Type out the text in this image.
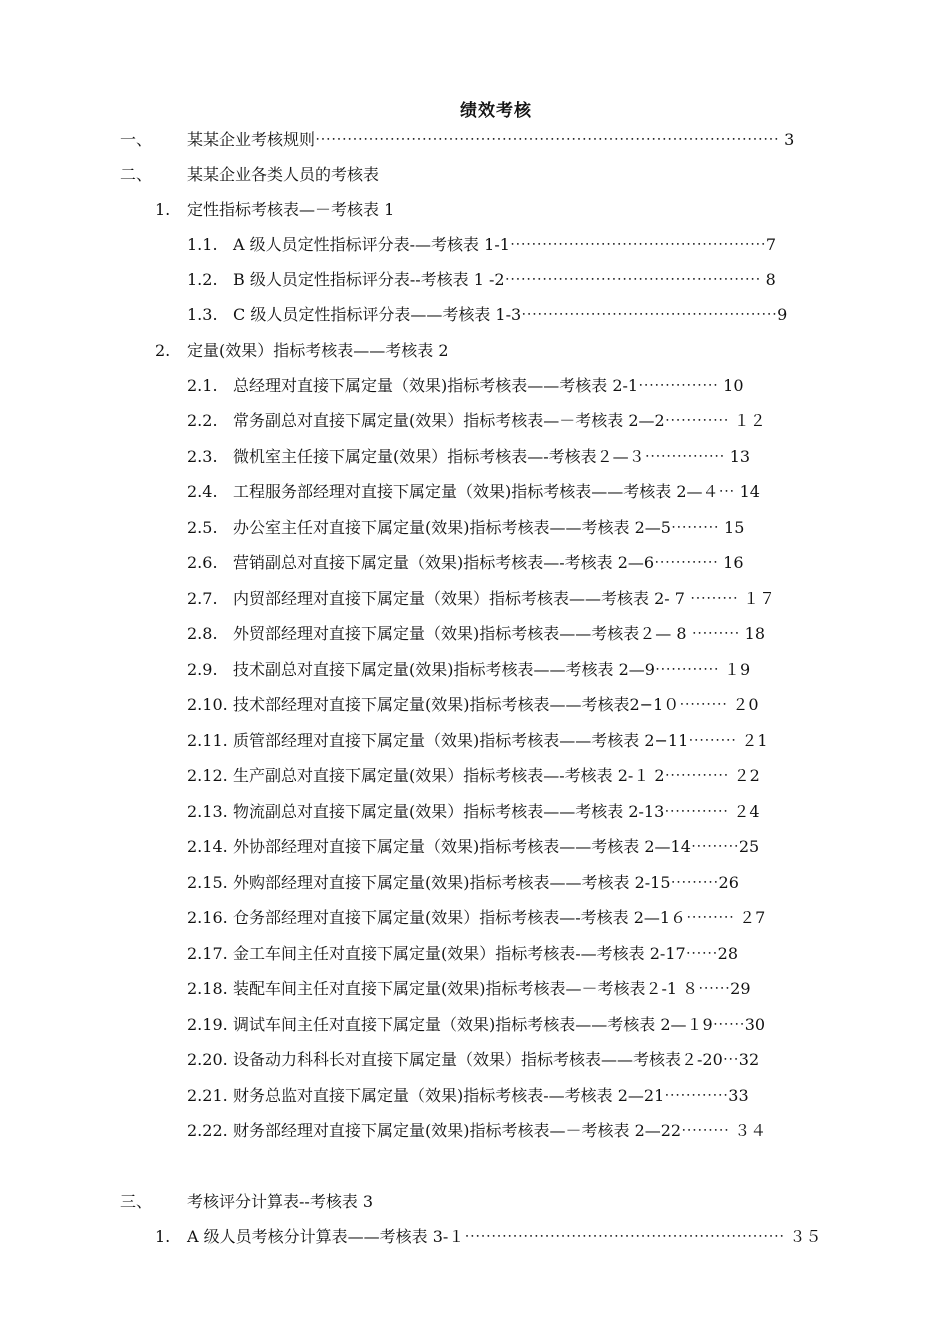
绩效考核
一、 某某企业考核规则⋯⋯⋯⋯⋯⋯⋯⋯⋯⋯⋯⋯⋯⋯⋯⋯⋯⋯⋯⋯⋯⋯⋯⋯⋯⋯⋯⋯⋯ 3
二、 某某企业各类人员的考核表
1. 定性指标考核表—－考核表 1
1.1. A 级人员定性指标评分表-—考核表 1-1⋯⋯⋯⋯⋯⋯⋯⋯⋯⋯⋯⋯⋯⋯⋯⋯7
1.2. B 级人员定性指标评分表--考核表 1 -2⋯⋯⋯⋯⋯⋯⋯⋯⋯⋯⋯⋯⋯⋯⋯⋯ 8
1.3. C 级人员定性指标评分表——考核表 1-3⋯⋯⋯⋯⋯⋯⋯⋯⋯⋯⋯⋯⋯⋯⋯⋯9
2. 定量(效果）指标考核表——考核表 2
2.1. 总经理对直接下属定量（效果)指标考核表——考核表 2-1⋯⋯⋯⋯⋯ 10
2.2. 常务副总对直接下属定量(效果）指标考核表—－考核表 2—2⋯⋯⋯⋯ １２
2.3. 微机室主任接下属定量(效果）指标考核表—-考核表２—３⋯⋯⋯⋯⋯ 13
2.4. 工程服务部经理对直接下属定量（效果)指标考核表——考核表 2—４⋯ 14
2.5. 办公室主任对直接下属定量(效果)指标考核表——考核表 2—5⋯⋯⋯ 15
2.6. 营销副总对直接下属定量（效果)指标考核表—-考核表 2—6⋯⋯⋯⋯ 16
2.7. 内贸部经理对直接下属定量（效果）指标考核表——考核表 2- 7 ⋯⋯⋯ １７
2.8. 外贸部经理对直接下属定量（效果)指标考核表——考核表２— 8 ⋯⋯⋯ 18
2.9. 技术副总对直接下属定量(效果)指标考核表——考核表 2—9⋯⋯⋯⋯ １9
2.10. 技术部经理对直接下属定量(效果)指标考核表——考核表2−1０⋯⋯⋯ ２0
2.11. 质管部经理对直接下属定量（效果)指标考核表——考核表 2−11⋯⋯⋯ ２1
2.12. 生产副总对直接下属定量(效果）指标考核表—-考核表 2-１ 2⋯⋯⋯⋯ ２2
2.13. 物流副总对直接下属定量(效果）指标考核表——考核表 2-13⋯⋯⋯⋯ ２4
2.14. 外协部经理对直接下属定量（效果)指标考核表——考核表 2—14⋯⋯⋯25
2.15. 外购部经理对直接下属定量(效果)指标考核表——考核表 2-15⋯⋯⋯26
2.16. 仓务部经理对直接下属定量(效果）指标考核表—-考核表 2—1６⋯⋯⋯ ２7
2.17. 金工车间主任对直接下属定量(效果）指标考核表-—考核表 2-17⋯⋯28
2.18. 装配车间主任对直接下属定量(效果)指标考核表—－考核表２-1 ８⋯⋯29
2.19. 调试车间主任对直接下属定量（效果)指标考核表——考核表 2—１9⋯⋯30
2.20. 设备动力科科长对直接下属定量（效果）指标考核表——考核表２-20⋯32
2.21. 财务总监对直接下属定量（效果)指标考核表-—考核表 2—21⋯⋯⋯⋯33
2.22. 财务部经理对直接下属定量(效果)指标考核表—－考核表 2—22⋯⋯⋯ ３４
三、 考核评分计算表--考核表 3
1. A 级人员考核分计算表——考核表 3-１⋯⋯⋯⋯⋯⋯⋯⋯⋯⋯⋯⋯⋯⋯⋯⋯⋯⋯⋯⋯ ３５
